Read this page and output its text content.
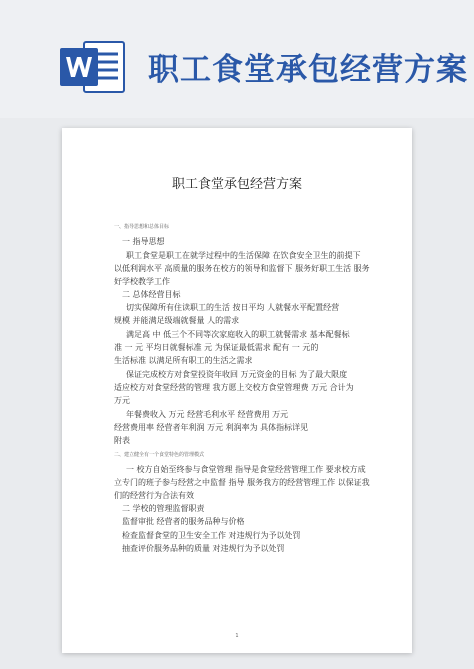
职工食堂承包经营方案
职工食堂承包经营方案
一、指导思想和总体目标
一 指导思想
职工食堂是职工在就学过程中的生活保障 在饮食安全卫生的前提下
以低利润水平 高质量的服务在校方的领导和监督下 服务好职工生活 服务
好学校教学工作
二 总体经营目标
切实保障所有住读职工的生活 按日平均 人就餐水平配置经营
规模 并能满足级端就餐量 人的需求
满足高 中 低三个不同等次家庭收入的职工就餐需求 基本配餐标
准 一 元 平均日就餐标准 元 为保证最低需求 配有 一 元的
生活标准 以满足所有职工的生活之需求
保证完成校方对食堂投资年收回 万元资金的目标 为了最大限度
适应校方对食堂经营的管理 我方愿上交校方食堂管理费 万元 合计为
万元
年餐费收入 万元 经营毛利水平 经营费用 万元
经营费用率 经营者年利润 万元 利润率为 具体指标详见
附表
二、建立健全有一个食堂特色的管理模式
一 校方自始至终参与食堂管理 指导是食堂经营管理工作 要求校方成
立专门的班子参与经营之中监督 指导 服务我方的经营管理工作 以保证我
们的经营行为合法有效
二 学校的管理监督职责
监督审批 经营者的服务品种与价格
检查监督食堂的卫生安全工作 对违规行为予以处罚
抽查评价服务品种的质量 对违规行为予以处罚
1
